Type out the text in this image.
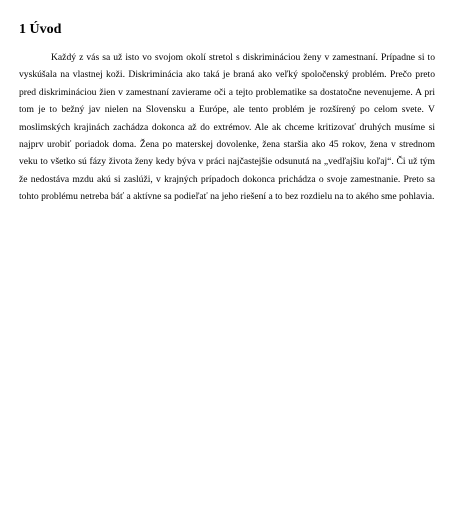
1 Úvod

Každý z vás sa už isto vo svojom okolí stretol s diskrimináciou ženy v zamestnaní. Prípadne si to vyskúšala na vlastnej koži. Diskriminácia ako taká je braná ako veľký spoločenský problém. Prečo preto pred diskrimináciou žien v zamestnaní zavierame oči a tejto problematike sa dostatočne nevenujeme. A pri tom je to bežný jav nielen na Slovensku a Európe, ale tento problém je rozšírený po celom svete. V moslimských krajinách zachádza dokonca až do extrémov. Ale ak chceme kritizovať druhých musíme si najprv urobiť poriadok doma. Žena po materskej dovolenke, žena staršia ako 45 rokov, žena v strednom veku to všetko sú fázy života ženy kedy býva v práci najčastejšie odsunutá na „vedľajšiu koľaj“. Či už tým že nedostáva mzdu akú si zaslúži, v krajných prípadoch dokonca prichádza o svoje zamestnanie. Preto sa tohto problému netreba báť a aktívne sa podieľať na jeho riešení a to bez rozdielu na to akého sme pohlavia.
